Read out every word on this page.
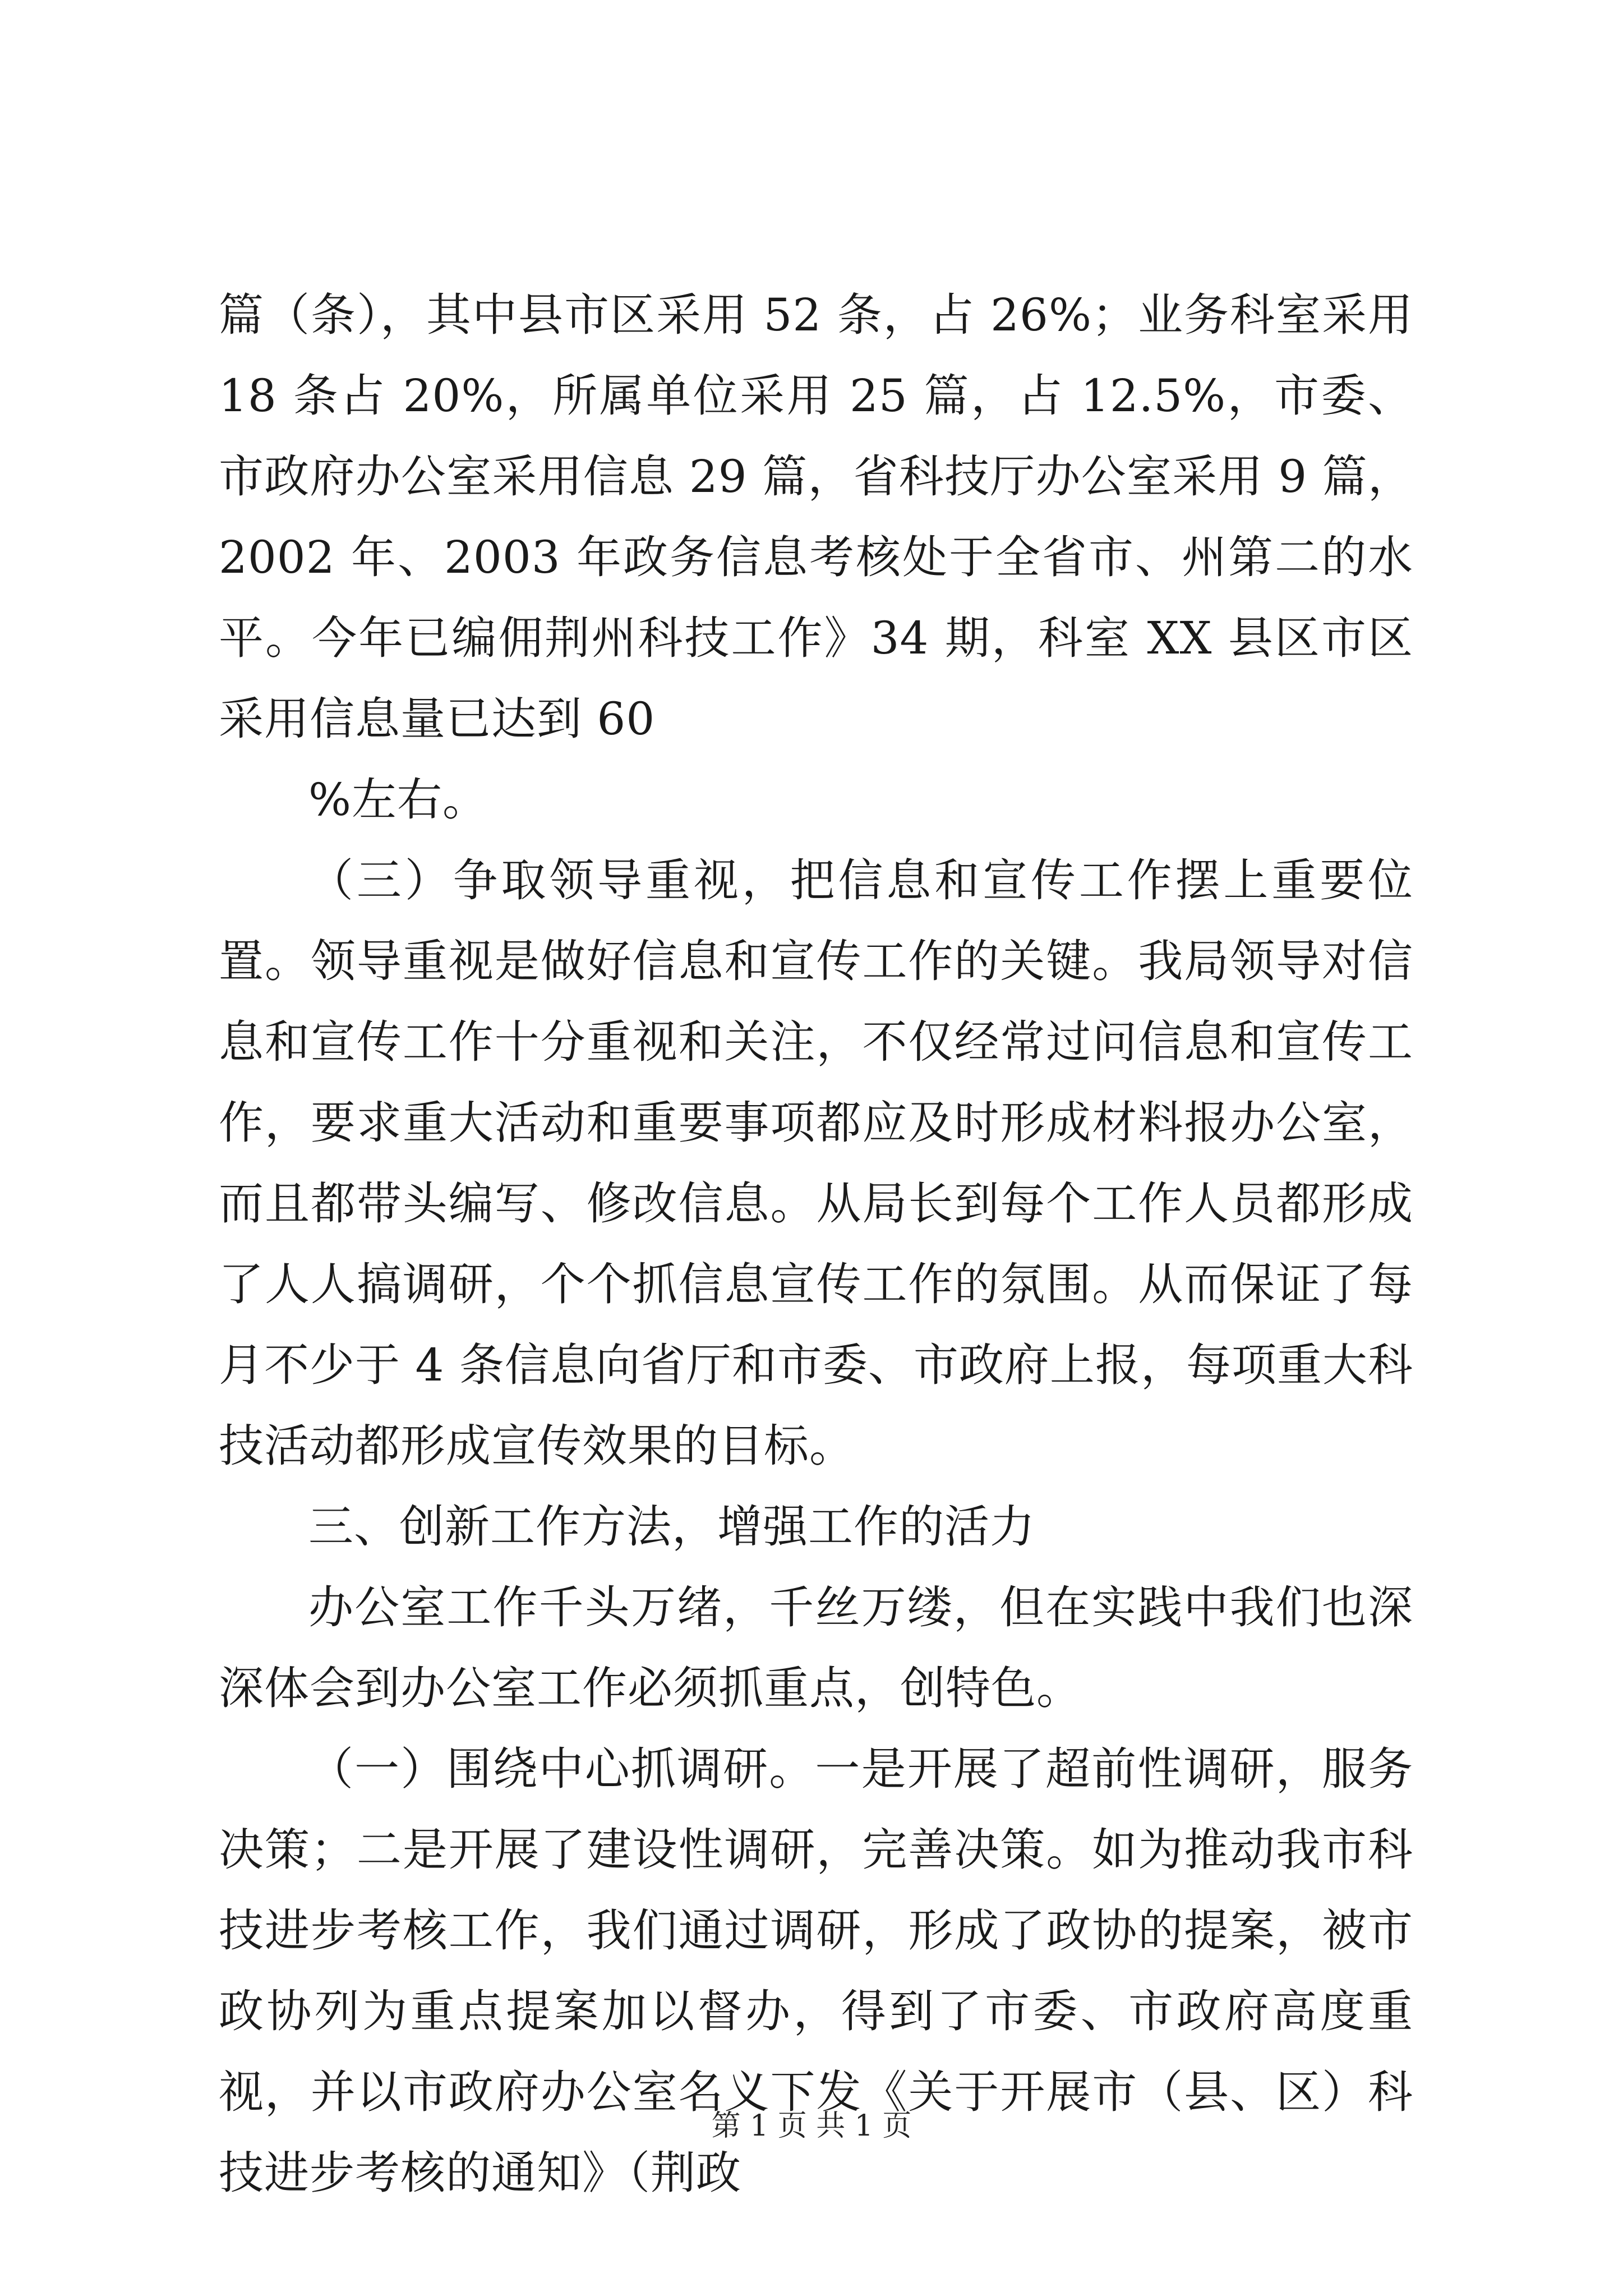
篇（条），其中县市区采用 52 条，占 26%；业务科室采用 18 条占 20%，所属单位采用 25 篇，占 12.5%，市委、市政府办公室采用信息 29 篇，省科技厅办公室采用 9 篇，2002 年、2003 年政务信息考核处于全省市、州第二的水平。今年已编佣荆州科技工作》34 期，科室 XX 县区市区采用信息量已达到 60

%左右。

（三）争取领导重视，把信息和宣传工作摆上重要位置。领导重视是做好信息和宣传工作的关键。我局领导对信息和宣传工作十分重视和关注，不仅经常过问信息和宣传工作，要求重大活动和重要事项都应及时形成材料报办公室，而且都带头编写、修改信息。从局长到每个工作人员都形成了人人搞调研，个个抓信息宣传工作的氛围。从而保证了每月不少于 4 条信息向省厅和市委、市政府上报，每项重大科技活动都形成宣传效果的目标。

三、创新工作方法，增强工作的活力

办公室工作千头万绪，千丝万缕，但在实践中我们也深深体会到办公室工作必须抓重点，创特色。

（一）围绕中心抓调研。一是开展了超前性调研，服务决策；二是开展了建设性调研，完善决策。如为推动我市科技进步考核工作，我们通过调研，形成了政协的提案，被市政协列为重点提案加以督办，得到了市委、市政府高度重视，并以市政府办公室名义下发《关于开展市（县、区）科技进步考核的通知》（荆政

第 1 页 共 1 页
